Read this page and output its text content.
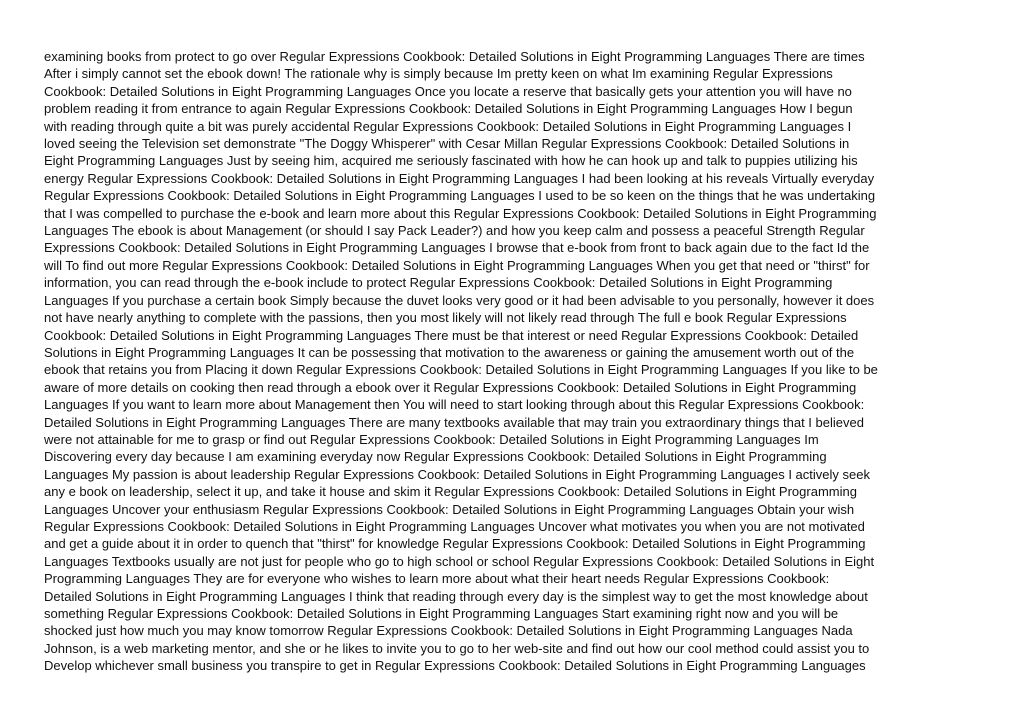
examining books from protect to go over Regular Expressions Cookbook: Detailed Solutions in Eight Programming Languages There are times
After i simply cannot set the ebook down! The rationale why is simply because Im pretty keen on what Im examining Regular Expressions
Cookbook: Detailed Solutions in Eight Programming Languages Once you locate a reserve that basically gets your attention you will have no
problem reading it from entrance to again Regular Expressions Cookbook: Detailed Solutions in Eight Programming Languages How I begun
with reading through quite a bit was purely accidental Regular Expressions Cookbook: Detailed Solutions in Eight Programming Languages I
loved seeing the Television set demonstrate "The Doggy Whisperer" with Cesar Millan Regular Expressions Cookbook: Detailed Solutions in
Eight Programming Languages Just by seeing him, acquired me seriously fascinated with how he can hook up and talk to puppies utilizing his
energy Regular Expressions Cookbook: Detailed Solutions in Eight Programming Languages I had been looking at his reveals Virtually everyday
Regular Expressions Cookbook: Detailed Solutions in Eight Programming Languages I used to be so keen on the things that he was undertaking
that I was compelled to purchase the e-book and learn more about this Regular Expressions Cookbook: Detailed Solutions in Eight Programming
Languages The ebook is about Management (or should I say Pack Leader?) and how you keep calm and possess a peaceful Strength Regular
Expressions Cookbook: Detailed Solutions in Eight Programming Languages I browse that e-book from front to back again due to the fact Id the
will To find out more Regular Expressions Cookbook: Detailed Solutions in Eight Programming Languages When you get that need or "thirst" for
information, you can read through the e-book include to protect Regular Expressions Cookbook: Detailed Solutions in Eight Programming
Languages If you purchase a certain book Simply because the duvet looks very good or it had been advisable to you personally, however it does
not have nearly anything to complete with the passions, then you most likely will not likely read through The full e book Regular Expressions
Cookbook: Detailed Solutions in Eight Programming Languages There must be that interest or need Regular Expressions Cookbook: Detailed
Solutions in Eight Programming Languages It can be possessing that motivation to the awareness or gaining the amusement worth out of the
ebook that retains you from Placing it down Regular Expressions Cookbook: Detailed Solutions in Eight Programming Languages If you like to be
aware of more details on cooking then read through a ebook over it Regular Expressions Cookbook: Detailed Solutions in Eight Programming
Languages If you want to learn more about Management then You will need to start looking through about this Regular Expressions Cookbook:
Detailed Solutions in Eight Programming Languages There are many textbooks available that may train you extraordinary things that I believed
were not attainable for me to grasp or find out Regular Expressions Cookbook: Detailed Solutions in Eight Programming Languages Im
Discovering every day because I am examining everyday now Regular Expressions Cookbook: Detailed Solutions in Eight Programming
Languages My passion is about leadership Regular Expressions Cookbook: Detailed Solutions in Eight Programming Languages I actively seek
any e book on leadership, select it up, and take it house and skim it Regular Expressions Cookbook: Detailed Solutions in Eight Programming
Languages Uncover your enthusiasm Regular Expressions Cookbook: Detailed Solutions in Eight Programming Languages Obtain your wish
Regular Expressions Cookbook: Detailed Solutions in Eight Programming Languages Uncover what motivates you when you are not motivated
and get a guide about it in order to quench that "thirst" for knowledge Regular Expressions Cookbook: Detailed Solutions in Eight Programming
Languages Textbooks usually are not just for people who go to high school or school Regular Expressions Cookbook: Detailed Solutions in Eight
Programming Languages They are for everyone who wishes to learn more about what their heart needs Regular Expressions Cookbook:
Detailed Solutions in Eight Programming Languages I think that reading through every day is the simplest way to get the most knowledge about
something Regular Expressions Cookbook: Detailed Solutions in Eight Programming Languages Start examining right now and you will be
shocked just how much you may know tomorrow Regular Expressions Cookbook: Detailed Solutions in Eight Programming Languages Nada
Johnson, is a web marketing mentor, and she or he likes to invite you to go to her web-site and find out how our cool method could assist you to
Develop whichever small business you transpire to get in Regular Expressions Cookbook: Detailed Solutions in Eight Programming Languages
